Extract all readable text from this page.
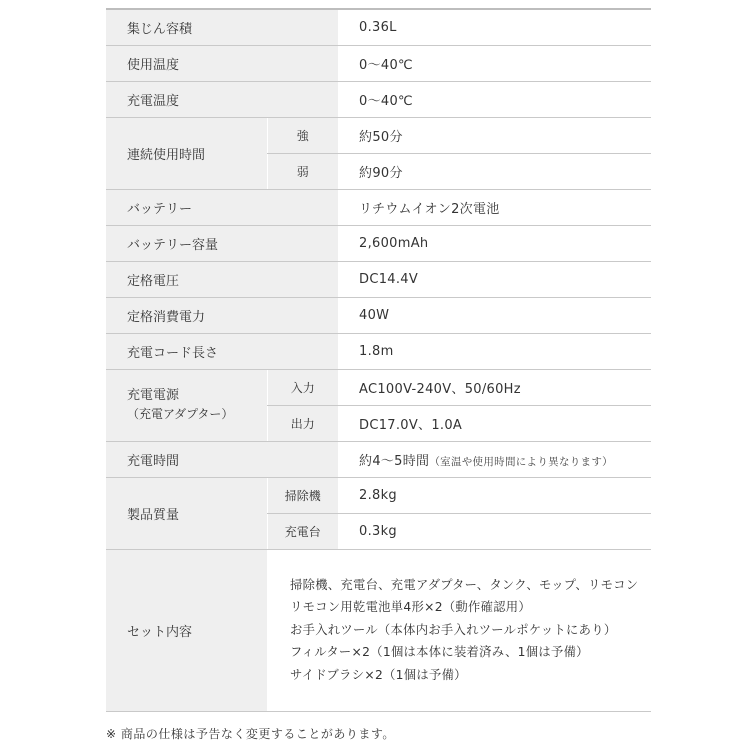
集じん容積		0.36L
使用温度		0～40℃
充電温度		0～40℃
連続使用時間	強	約50分
	弱	約90分
バッテリー		リチウムイオン2次電池
バッテリー容量		2,600mAh
定格電圧		DC14.4V
定格消費電力		40W
充電コード長さ		1.8m

充電電源
（充電アダプター）	入力	AC100V-240V、50/60Hz
	出力	DC17.0V、1.0A
充電時間		約4～5時間（室温や使用時間により異なります）
製品質量	掃除機	2.8kg
	充電台	0.3kg
セット内容	掃除機、充電台、充電アダプター、タンク、モップ、リモコン
リモコン用乾電池単4形×2（動作確認用）
お手入れツール（本体内お手入れツールポケットにあり）
フィルター×2（1個は本体に装着済み、1個は予備）
サイドブラシ×2（1個は予備）	
※ 商品の仕様は予告なく変更することがあります。
